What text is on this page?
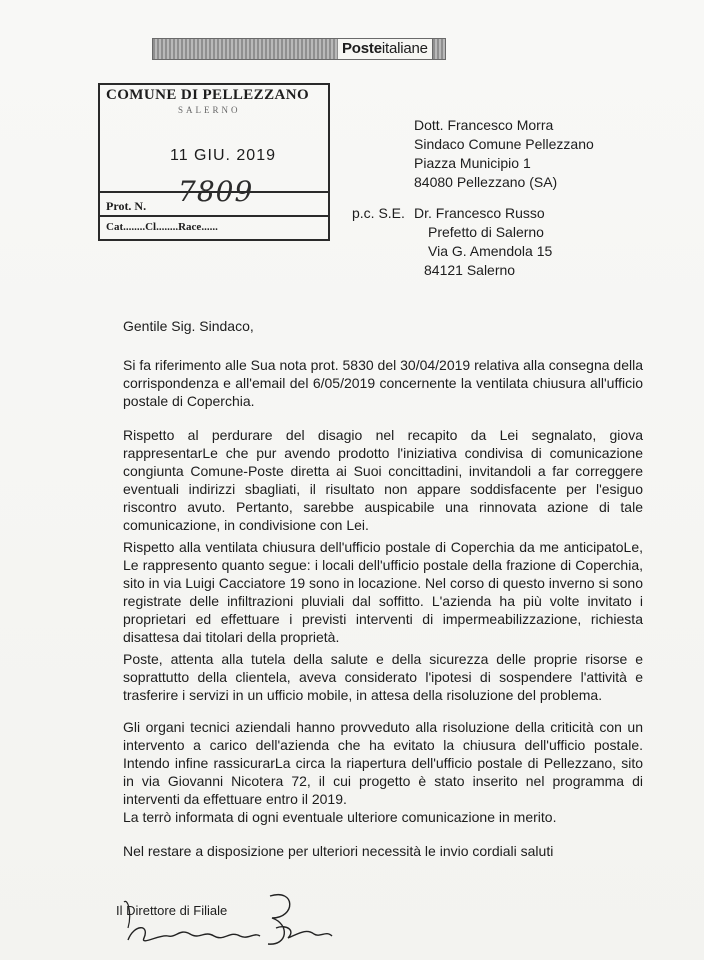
Posteitaliane
COMUNE DI PELLEZZANO
SALERNO
11 GIU. 2019
Prot. N. 7809
Cat........Cl........Race......
Dott. Francesco Morra
Sindaco Comune Pellezzano
Piazza Municipio 1
84080 Pellezzano (SA)
p.c. S.E. Dr. Francesco Russo
Prefetto di Salerno
Via G. Amendola 15
84121 Salerno
Gentile Sig. Sindaco,
Si fa riferimento alle Sua nota prot. 5830 del 30/04/2019 relativa alla consegna della corrispondenza e all'email del 6/05/2019 concernente la ventilata chiusura all'ufficio postale di Coperchia.
Rispetto al perdurare del disagio nel recapito da Lei segnalato, giova rappresentarLe che pur avendo prodotto l'iniziativa condivisa di comunicazione congiunta Comune-Poste diretta ai Suoi concittadini, invitandoli a far correggere eventuali indirizzi sbagliati, il risultato non appare soddisfacente per l'esiguo riscontro avuto. Pertanto, sarebbe auspicabile una rinnovata azione di tale comunicazione, in condivisione con Lei.
Rispetto alla ventilata chiusura dell'ufficio postale di Coperchia da me anticipatoLe, Le rappresento quanto segue: i locali dell'ufficio postale della frazione di Coperchia, sito in via Luigi Cacciatore 19 sono in locazione. Nel corso di questo inverno si sono registrate delle infiltrazioni pluviali dal soffitto. L'azienda ha più volte invitato i proprietari ed effettuare i previsti interventi di impermeabilizzazione, richiesta disattesa dai titolari della proprietà.
Poste, attenta alla tutela della salute e della sicurezza delle proprie risorse e soprattutto della clientela, aveva considerato l'ipotesi di sospendere l'attività e trasferire i servizi in un ufficio mobile, in attesa della risoluzione del problema.
Gli organi tecnici aziendali hanno provveduto alla risoluzione della criticità con un intervento a carico dell'azienda che ha evitato la chiusura dell'ufficio postale. Intendo infine rassicurarLa circa la riapertura dell'ufficio postale di Pellezzano, sito in via Giovanni Nicotera 72, il cui progetto è stato inserito nel programma di interventi da effettuare entro il 2019.
La terrò informata di ogni eventuale ulteriore comunicazione in merito.
Nel restare a disposizione per ulteriori necessità le invio cordiali saluti
Il Direttore di Filiale
